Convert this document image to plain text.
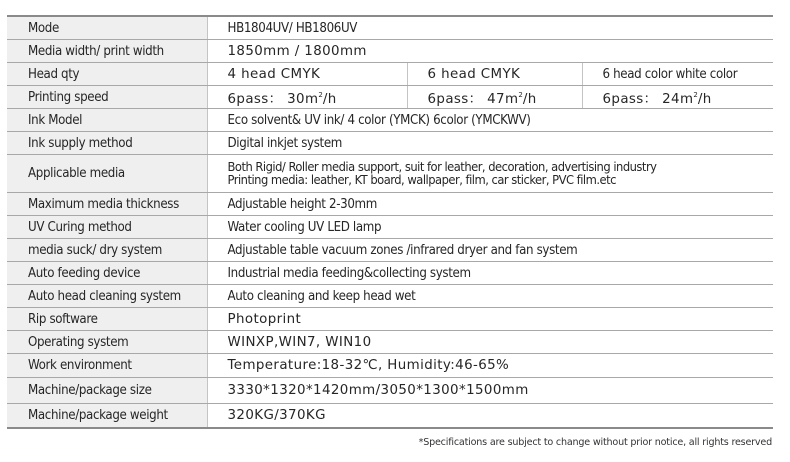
Mode	HB1804UV/ HB1806UV		
Media width/ print width	1850mm / 1800mm		
Head qty	4 head CMYK	6 head CMYK	6 head color white color
Printing speed	6pass： $30m^2/h$	6pass： $47m^2/h$	6pass： $24m^2/h$
Ink Model	Eco solvent& UV ink/ 4 color (YMCK) 6color (YMCKWV)		
Ink supply method	Digital inkjet system		
Applicable media	Both Rigid/ Roller media support, suit for leather, decoration, advertising industry
Printing media: leather, KT board, wallpaper, film, car sticker, PVC film.etc		

Maximum media thickness	Adjustable height 2-30mm		
UV Curing method	Water cooling UV LED lamp		
media suck/ dry system	Adjustable table vacuum zones /infrared dryer and fan system		
Auto feeding device	Industrial media feeding&collecting system		
Auto head cleaning system	Auto cleaning and keep head wet		
Rip software	Photoprint		
Operating system	WINXP,WIN7, WIN10		
Work environment	Temperature:18-32℃, Humidity:46-65%		
Machine/package size	3330*1320*1420mm/3050*1300*1500mm		
Machine/package weight	320KG/370KG		
*Specifications are subject to change without prior notice, all rights reserved
